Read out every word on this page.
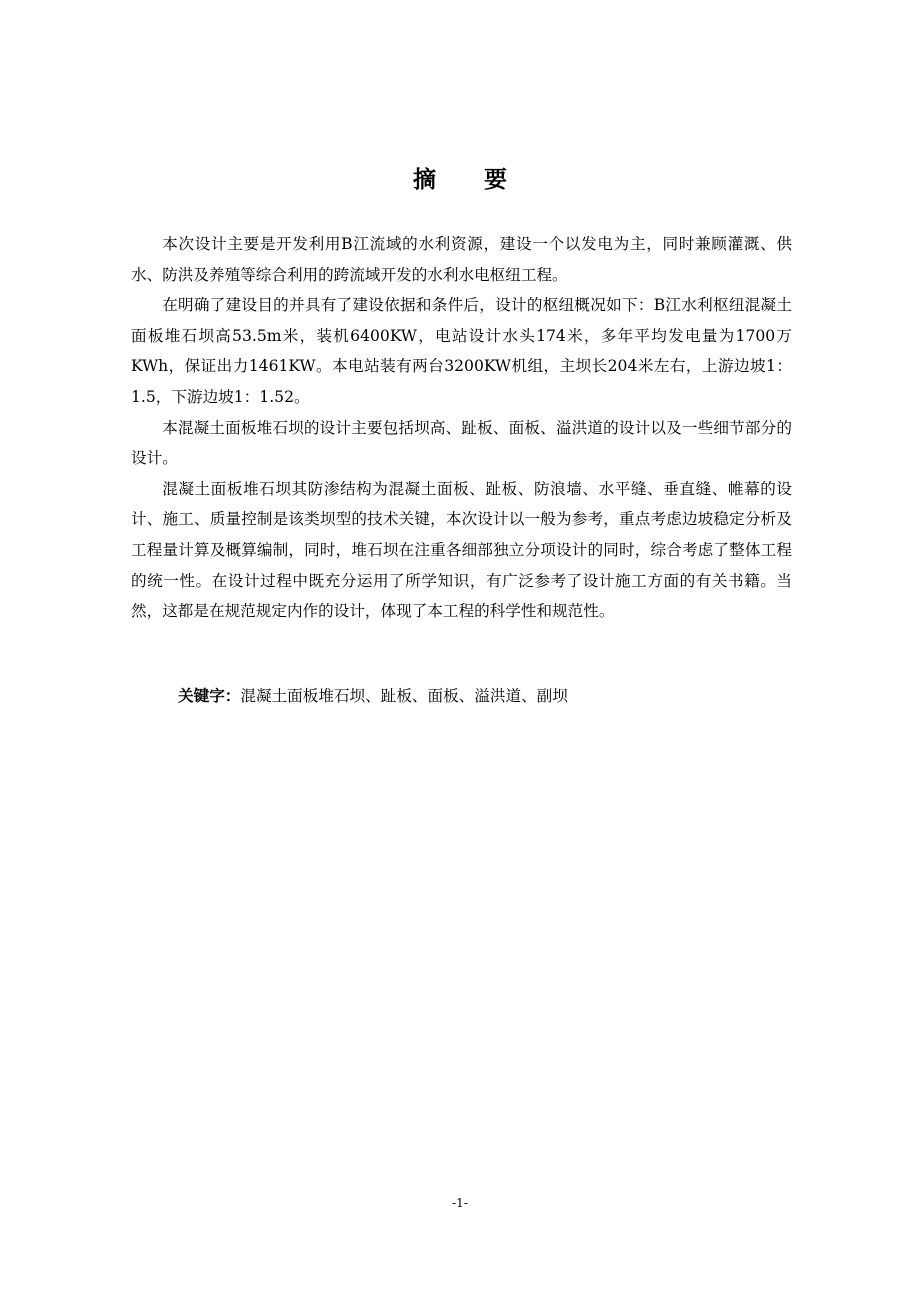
摘 要

本次设计主要是开发利用B江流域的水利资源，建设一个以发电为主，同时兼顾灌溉、供水、防洪及养殖等综合利用的跨流域开发的水利水电枢纽工程。

在明确了建设目的并具有了建设依据和条件后，设计的枢纽概况如下：B江水利枢纽混凝土面板堆石坝高53.5m米，装机6400KW，电站设计水头174米，多年平均发电量为1700万KWh，保证出力1461KW。本电站装有两台3200KW机组，主坝长204米左右，上游边坡1：1.5，下游边坡1：1.52。

本混凝土面板堆石坝的设计主要包括坝高、趾板、面板、溢洪道的设计以及一些细节部分的设计。

混凝土面板堆石坝其防渗结构为混凝土面板、趾板、防浪墙、水平缝、垂直缝、帷幕的设计、施工、质量控制是该类坝型的技术关键，本次设计以一般为参考，重点考虑边坡稳定分析及工程量计算及概算编制，同时，堆石坝在注重各细部独立分项设计的同时，综合考虑了整体工程的统一性。在设计过程中既充分运用了所学知识，有广泛参考了设计施工方面的有关书籍。当然，这都是在规范规定内作的设计，体现了本工程的科学性和规范性。

关键字：混凝土面板堆石坝、趾板、面板、溢洪道、副坝
-1-
